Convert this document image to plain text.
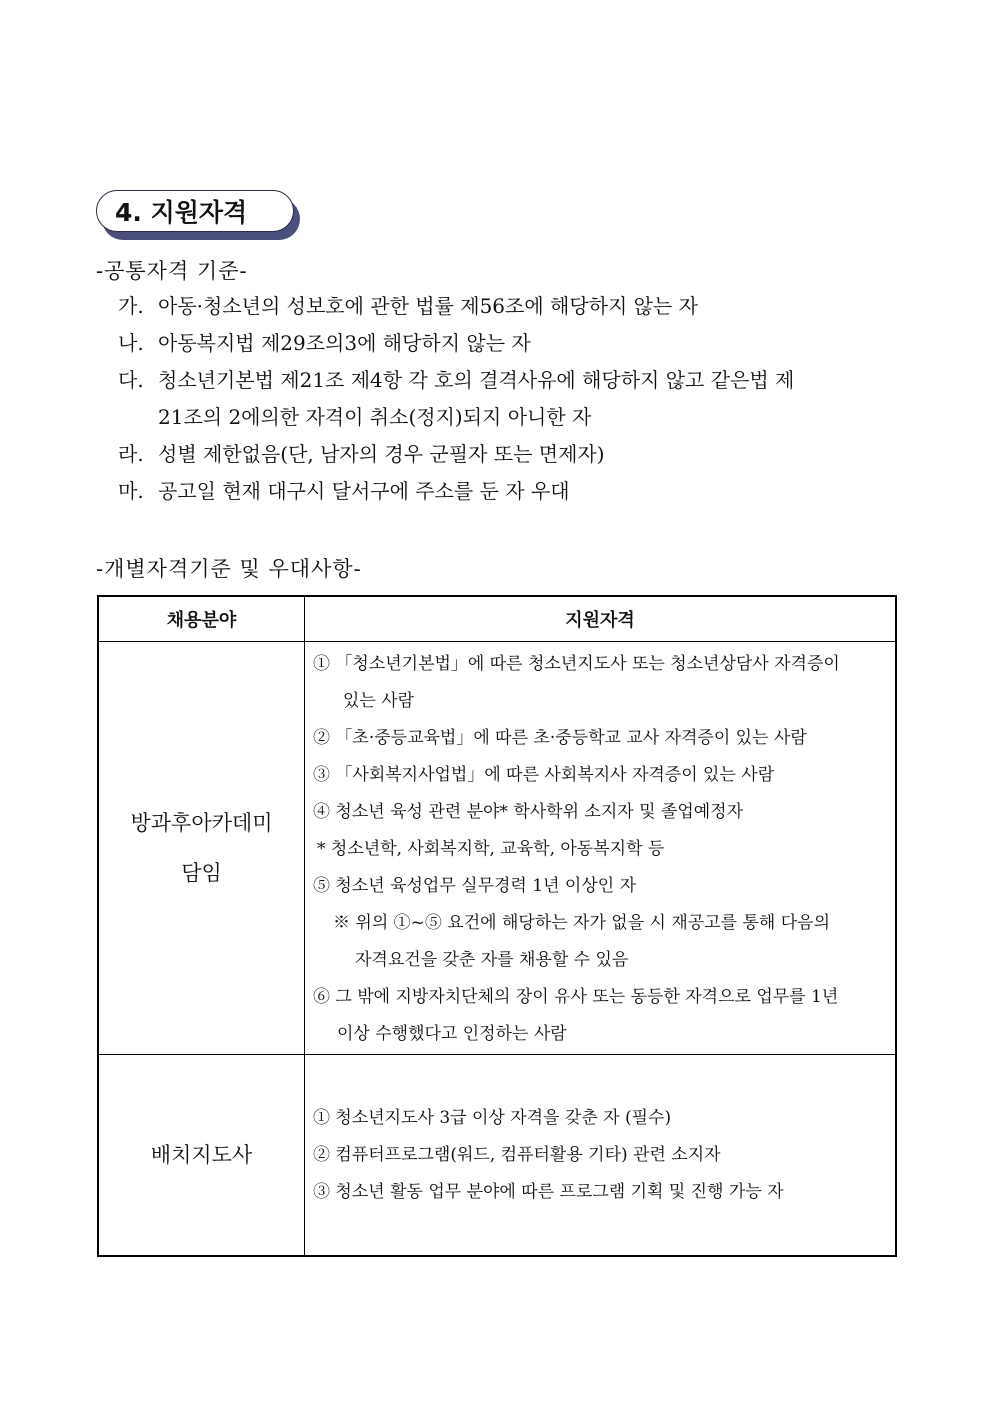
4. 지원자격
-공통자격 기준-
가. 아동·청소년의 성보호에 관한 법률 제56조에 해당하지 않는 자
나. 아동복지법 제29조의3에 해당하지 않는 자
다. 청소년기본법 제21조 제4항 각 호의 결격사유에 해당하지 않고 같은법 제
21조의 2에의한 자격이 취소(정지)되지 아니한 자
라. 성별 제한없음(단, 남자의 경우 군필자 또는 면제자)
마. 공고일 현재 대구시 달서구에 주소를 둔 자 우대
-개별자격기준 및 우대사항-
채용분야	지원자격
방과후아카데미
담임
① 「청소년기본법」에 따른 청소년지도사 또는 청소년상담사 자격증이
있는 사람
② 「초·중등교육법」에 따른 초·중등학교 교사 자격증이 있는 사람
③ 「사회복지사업법」에 따른 사회복지사 자격증이 있는 사람
④ 청소년 육성 관련 분야* 학사학위 소지자 및 졸업예정자
* 청소년학, 사회복지학, 교육학, 아동복지학 등
⑤ 청소년 육성업무 실무경력 1년 이상인 자
※ 위의 ①~⑤ 요건에 해당하는 자가 없을 시 재공고를 통해 다음의
자격요건을 갖춘 자를 채용할 수 있음
⑥ 그 밖에 지방자치단체의 장이 유사 또는 동등한 자격으로 업무를 1년
이상 수행했다고 인정하는 사람
배치지도사
① 청소년지도사 3급 이상 자격을 갖춘 자 (필수)
② 컴퓨터프로그램(워드, 컴퓨터활용 기타) 관련 소지자
③ 청소년 활동 업무 분야에 따른 프로그램 기획 및 진행 가능 자
